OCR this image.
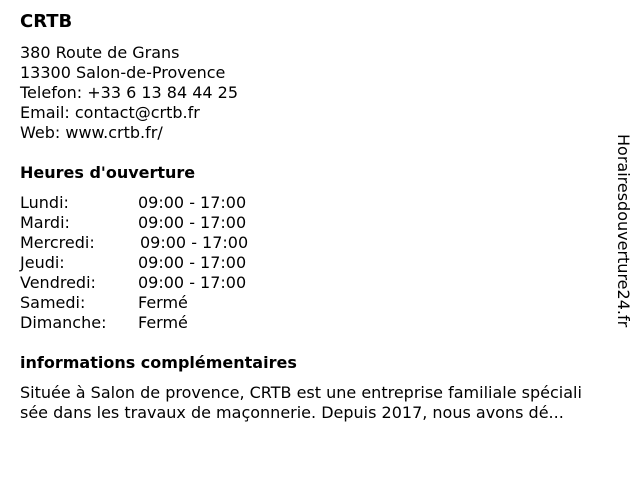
CRTB
380 Route de Grans
13300 Salon-de-Provence
Telefon: +33 6 13 84 44 25
Email: contact@crtb.fr
Web: www.crtb.fr/
Heures d'ouverture
Lundi:	09:00 - 17:00
Mardi:	09:00 - 17:00
Mercredi:	09:00 - 17:00
Jeudi:	09:00 - 17:00
Vendredi:	09:00 - 17:00
Samedi:	Fermé
Dimanche: Fermé
informations complémentaires
Située à Salon de provence, CRTB est une entreprise familiale spéciali
sée dans les travaux de maçonnerie. Depuis 2017, nous avons dé...
Horairesdouverture24.fr
